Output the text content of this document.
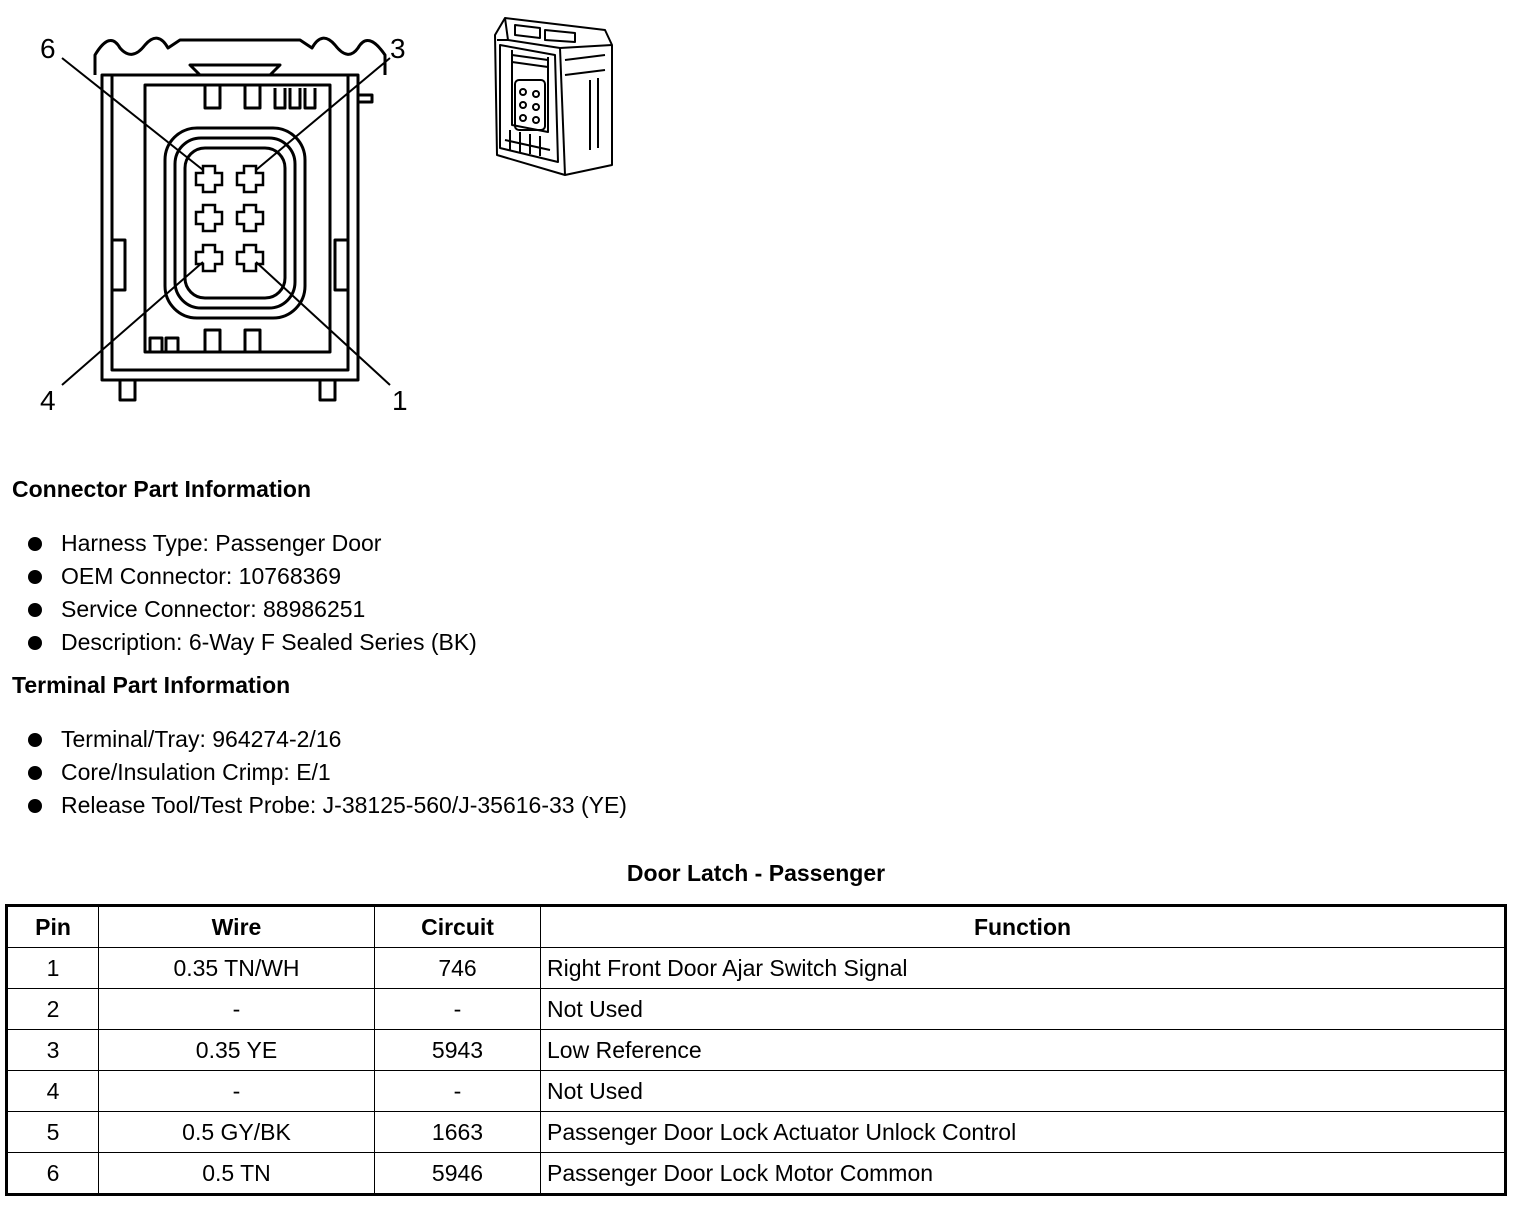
6	3
4	1
Connector Part Information
Harness Type: Passenger Door
OEM Connector: 10768369
Service Connector: 88986251
Description: 6-Way F Sealed Series (BK)
Terminal Part Information
Terminal/Tray: 964274-2/16
Core/Insulation Crimp: E/1
Release Tool/Test Probe: J-38125-560/J-35616-33 (YE)
Door Latch - Passenger
Pin	Wire	Circuit	Function
1	0.35 TN/WH	746	Right Front Door Ajar Switch Signal
2	-	-	Not Used
3	0.35 YE	5943	Low Reference
4	-	-	Not Used
5	0.5 GY/BK	1663	Passenger Door Lock Actuator Unlock Control
6	0.5 TN	5946	Passenger Door Lock Motor Common
